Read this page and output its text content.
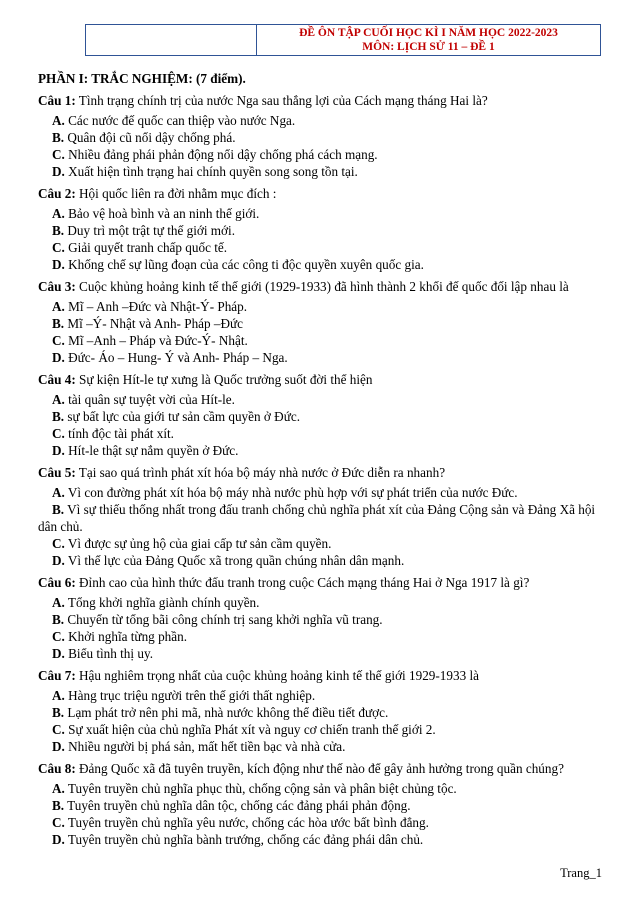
ĐỀ ÔN TẬP CUỐI HỌC KÌ I NĂM HỌC 2022-2023
MÔN: LỊCH SỬ 11 – ĐỀ 1
PHẦN I: TRẮC NGHIỆM: (7 điểm).
Câu 1: Tình trạng chính trị của nước Nga sau thắng lợi của Cách mạng tháng Hai là?
A. Các nước đế quốc can thiệp vào nước Nga.
B. Quân đội cũ nổi dậy chống phá.
C. Nhiều đảng phái phản động nổi dậy chống phá cách mạng.
D. Xuất hiện tình trạng hai chính quyền song song tồn tại.
Câu 2: Hội quốc liên ra đời nhằm mục đích :
A. Bảo vệ hoà bình và an ninh thế giới.
B. Duy trì một trật tự thế giới mới.
C. Giải quyết tranh chấp quốc tế.
D. Khống chế sự lũng đoạn của các công ti độc quyền xuyên quốc gia.
Câu 3: Cuộc khủng hoảng kinh tế thế giới (1929-1933) đã hình thành 2 khối đế quốc đối lập nhau là
A. Mĩ – Anh –Đức và Nhật-Ý- Pháp.
B. Mĩ –Ý- Nhật và Anh- Pháp –Đức
C. Mĩ –Anh – Pháp và Đức-Ý- Nhật.
D. Đức- Áo – Hung- Ý và Anh- Pháp – Nga.
Câu 4: Sự kiện Hít-le tự xưng là Quốc trưởng suốt đời thể hiện
A. tài quân sự tuyệt vời của Hít-le.
B. sự bất lực của giới tư sản cầm quyền ở Đức.
C. tính độc tài phát xít.
D. Hít-le thật sự nắm quyền ở Đức.
Câu 5: Tại sao quá trình phát xít hóa bộ máy nhà nước ở Đức diễn ra nhanh?
A. Vì con đường phát xít hóa bộ máy nhà nước phù hợp với sự phát triển của nước Đức.
B. Vì sự thiếu thống nhất trong đấu tranh chống chủ nghĩa phát xít của Đảng Cộng sản và Đảng Xã hội dân chủ.
C. Vì được sự ủng hộ của giai cấp tư sản cầm quyền.
D. Vì thế lực của Đảng Quốc xã trong quần chúng nhân dân mạnh.
Câu 6: Đỉnh cao của hình thức đấu tranh trong cuộc Cách mạng tháng Hai ở Nga 1917 là gì?
A. Tổng khởi nghĩa giành chính quyền.
B. Chuyển từ tổng bãi công chính trị sang khởi nghĩa vũ trang.
C. Khởi nghĩa từng phần.
D. Biểu tình thị uy.
Câu 7: Hậu nghiêm trọng nhất của cuộc khủng hoảng kinh tế thế giới 1929-1933 là
A. Hàng trục triệu người trên thế giới thất nghiệp.
B. Lạm phát trở nên phi mã, nhà nước không thể điều tiết được.
C. Sự xuất hiện của chủ nghĩa Phát xít và nguy cơ chiến tranh thế giới 2.
D. Nhiều người bị phá sản, mất hết tiền bạc và nhà cửa.
Câu 8: Đảng Quốc xã đã tuyên truyền, kích động như thế nào để gây ảnh hưởng trong quần chúng?
A. Tuyên truyền chủ nghĩa phục thù, chống cộng sản và phân biệt chủng tộc.
B. Tuyên truyền chủ nghĩa dân tộc, chống các đảng phái phản động.
C. Tuyên truyền chủ nghĩa yêu nước, chống các hòa ước bất bình đẳng.
D. Tuyên truyền chủ nghĩa bành trướng, chống các đảng phái dân chủ.
Trang_1
